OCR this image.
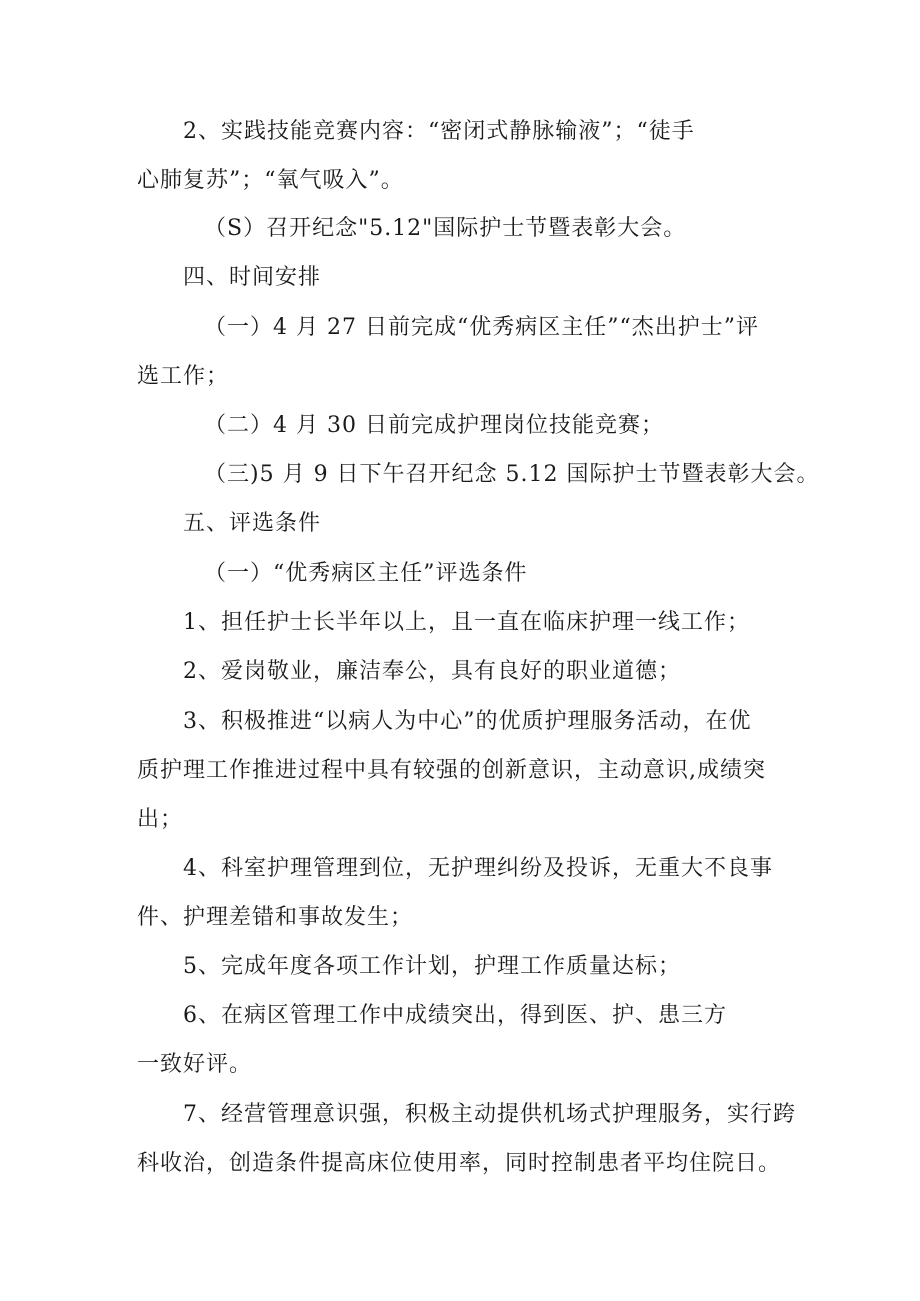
2、实践技能竞赛内容：“密闭式静脉输液”；“徒手

心肺复苏”；“氧气吸入”。

（S）召开纪念"5.12"国际护士节暨表彰大会。

四、时间安排

（一）4 月 27 日前完成“优秀病区主任”“杰出护士”评

选工作；

（二）4 月 30 日前完成护理岗位技能竞赛；

（三)5 月 9 日下午召开纪念 5.12 国际护士节暨表彰大会。

五、评选条件

（一）“优秀病区主任”评选条件

1、担任护士长半年以上，且一直在临床护理一线工作；

2、爱岗敬业，廉洁奉公，具有良好的职业道德；

3、积极推进“以病人为中心”的优质护理服务活动，在优

质护理工作推进过程中具有较强的创新意识，主动意识,成绩突

出；

4、科室护理管理到位，无护理纠纷及投诉，无重大不良事

件、护理差错和事故发生；

5、完成年度各项工作计划，护理工作质量达标；

6、在病区管理工作中成绩突出，得到医、护、患三方

一致好评。

7、经营管理意识强，积极主动提供机场式护理服务，实行跨

科收治，创造条件提高床位使用率，同时控制患者平均住院日。
